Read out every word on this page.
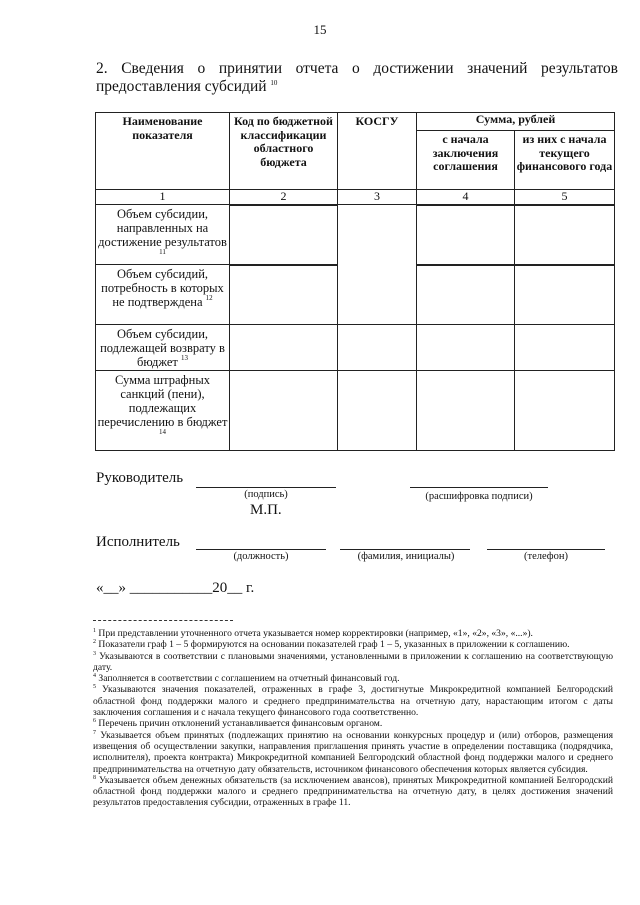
15
2. Сведения о принятии отчета о достижении значений результатов
предоставления субсидий $^{10}$
Наименование показателя	Код по бюджетной классификации областного бюджета	КОСГУ	Сумма, рублей	
			с начала заключения соглашения	из них с начала текущего финансового года
1	2	3	4	5
Объем субсидии, направленных на достижение результатов $^{11}$	

Объем субсидий, потребность в которых не подтверждена $^{12}$	

Объем субсидии, подлежащей возврату в бюджет $^{13}$				
Сумма штрафных санкций (пени), подлежащих перечислению в бюджет $^{14}$				
Руководитель
(подпись)	(расшифровка подписи)
М.П.
Исполнитель
(должность)	(фамилия, инициалы)	(телефон)
«__» ___________20__ г.
$^1$ При представлении уточненного отчета указывается номер корректировки (например, «1», «2», «3», «...»).
$^2$ Показатели граф 1 – 5 формируются на основании показателей граф 1 – 5, указанных в приложении к соглашению.
$^3$ Указываются в соответствии с плановыми значениями, установленными в приложении к соглашению на соответствующую дату.
$^4$ Заполняется в соответствии с соглашением на отчетный финансовый год.
$^5$ Указываются значения показателей, отраженных в графе 3, достигнутые Микрокредитной компанией Белгородский областной фонд поддержки малого и среднего предпринимательства на отчетную дату, нарастающим итогом с даты заключения соглашения и с начала текущего финансового года соответственно.
$^6$ Перечень причин отклонений устанавливается финансовым органом.
$^7$ Указывается объем принятых (подлежащих принятию на основании конкурсных процедур и (или) отборов, размещения извещения об осуществлении закупки, направления приглашения принять участие в определении поставщика (подрядчика, исполнителя), проекта контракта) Микрокредитной компанией Белгородский областной фонд поддержки малого и среднего предпринимательства на отчетную дату обязательств, источником финансового обеспечения которых является субсидия.
$^8$ Указывается объем денежных обязательств (за исключением авансов), принятых Микрокредитной компанией Белгородский областной фонд поддержки малого и среднего предпринимательства на отчетную дату, в целях достижения значений результатов предоставления субсидии, отраженных в графе 11.
